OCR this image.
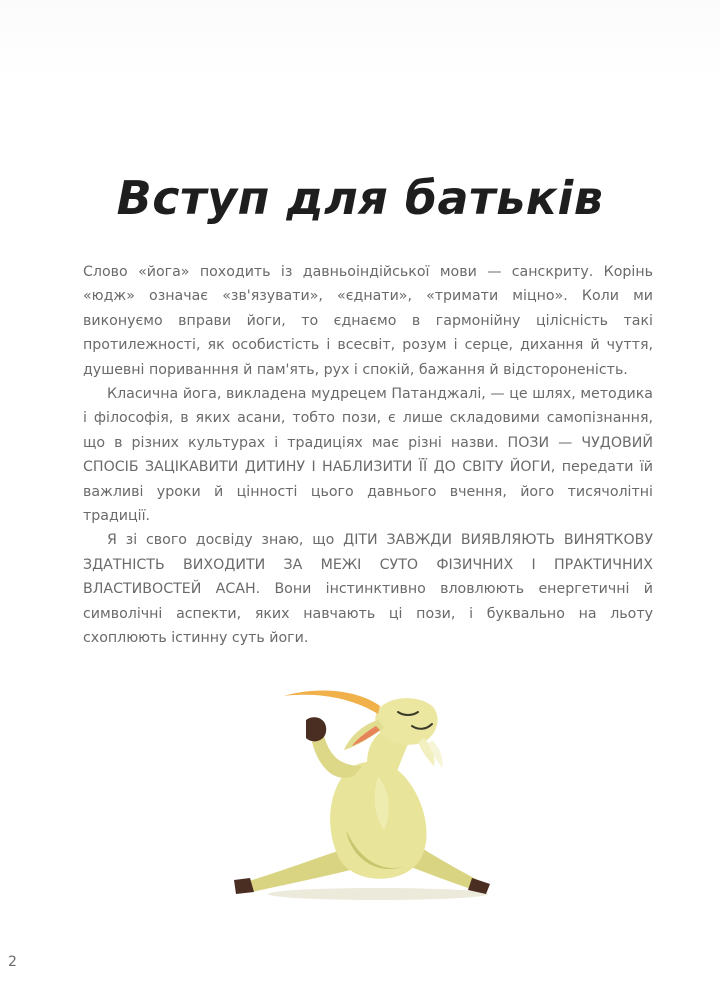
Вступ для батьків

Слово «йога» походить із давньоіндійської мови — санскриту. Корінь «юдж» означає «зв'язувати», «єднати», «тримати міцно». Коли ми виконуємо вправи йоги, то єднаємо в гармонійну цілісність такі протилежності, як особистість і всесвіт, розум і серце, дихання й чуття, душевні пориванння й пам'ять, рух і спокій, бажання й відстороненість.

Класична йога, викладена мудрецем Патанджалі, — це шлях, методика і філософія, в яких асани, тобто пози, є лише складовими самопізнання, що в різних культурах і традиціях має різні назви. ПОЗИ — ЧУДОВИЙ СПОСІБ ЗАЦІКАВИТИ ДИТИНУ І НАБЛИЗИТИ ЇЇ ДО СВІТУ ЙОГИ, передати їй важливі уроки й цінності цього давнього вчення, його тисячолітні традиції.

Я зі свого досвіду знаю, що ДІТИ ЗАВЖДИ ВИЯВЛЯЮТЬ ВИНЯТКОВУ ЗДАТНІСТЬ ВИХОДИТИ ЗА МЕЖІ СУТО ФІЗИЧНИХ І ПРАКТИЧНИХ ВЛАСТИВОСТЕЙ АСАН. Вони інстинктивно вловлюють енергетичні й символічні аспекти, яких навчають ці пози, і буквально на льоту схоплюють істинну суть йоги.

2
